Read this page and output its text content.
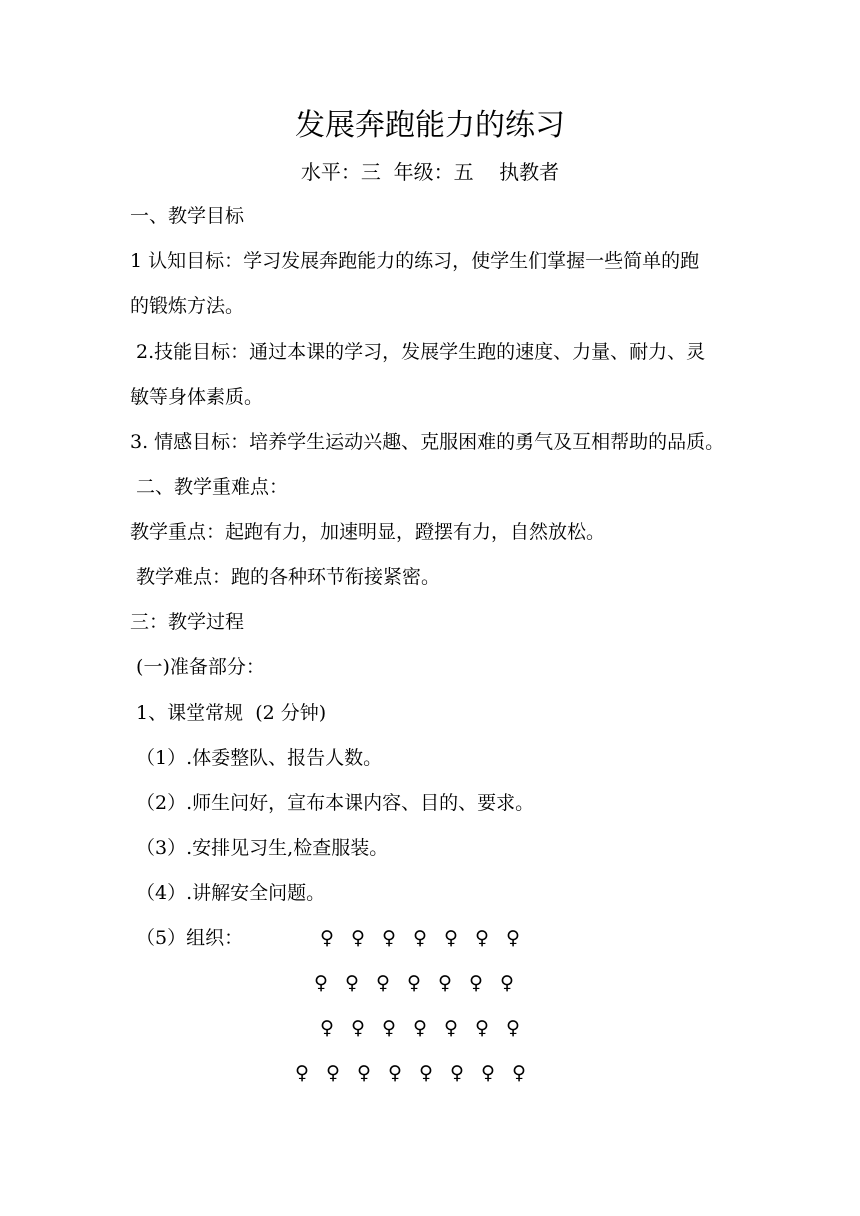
发展奔跑能力的练习
水平：三  年级：五    执教者
一、教学目标
1 认知目标：学习发展奔跑能力的练习，使学生们掌握一些简单的跑
的锻炼方法。
2.技能目标：通过本课的学习，发展学生跑的速度、力量、耐力、灵
敏等身体素质。
3. 情感目标：培养学生运动兴趣、克服困难的勇气及互相帮助的品质。
二、教学重难点：
教学重点：起跑有力，加速明显，蹬摆有力，自然放松。
教学难点：跑的各种环节衔接紧密。
三：教学过程
(一)准备部分：
1、课堂常规  (2 分钟)
（1）.体委整队、报告人数。
（2）.师生问好，宣布本课内容、目的、要求。
（3）.安排见习生,检查服装。
（4）.讲解安全问题。
（5）组织：	♀ ♀ ♀ ♀ ♀ ♀ ♀
♀ ♀ ♀ ♀ ♀ ♀ ♀
♀ ♀ ♀ ♀ ♀ ♀ ♀
♀ ♀ ♀ ♀ ♀ ♀ ♀ ♀
